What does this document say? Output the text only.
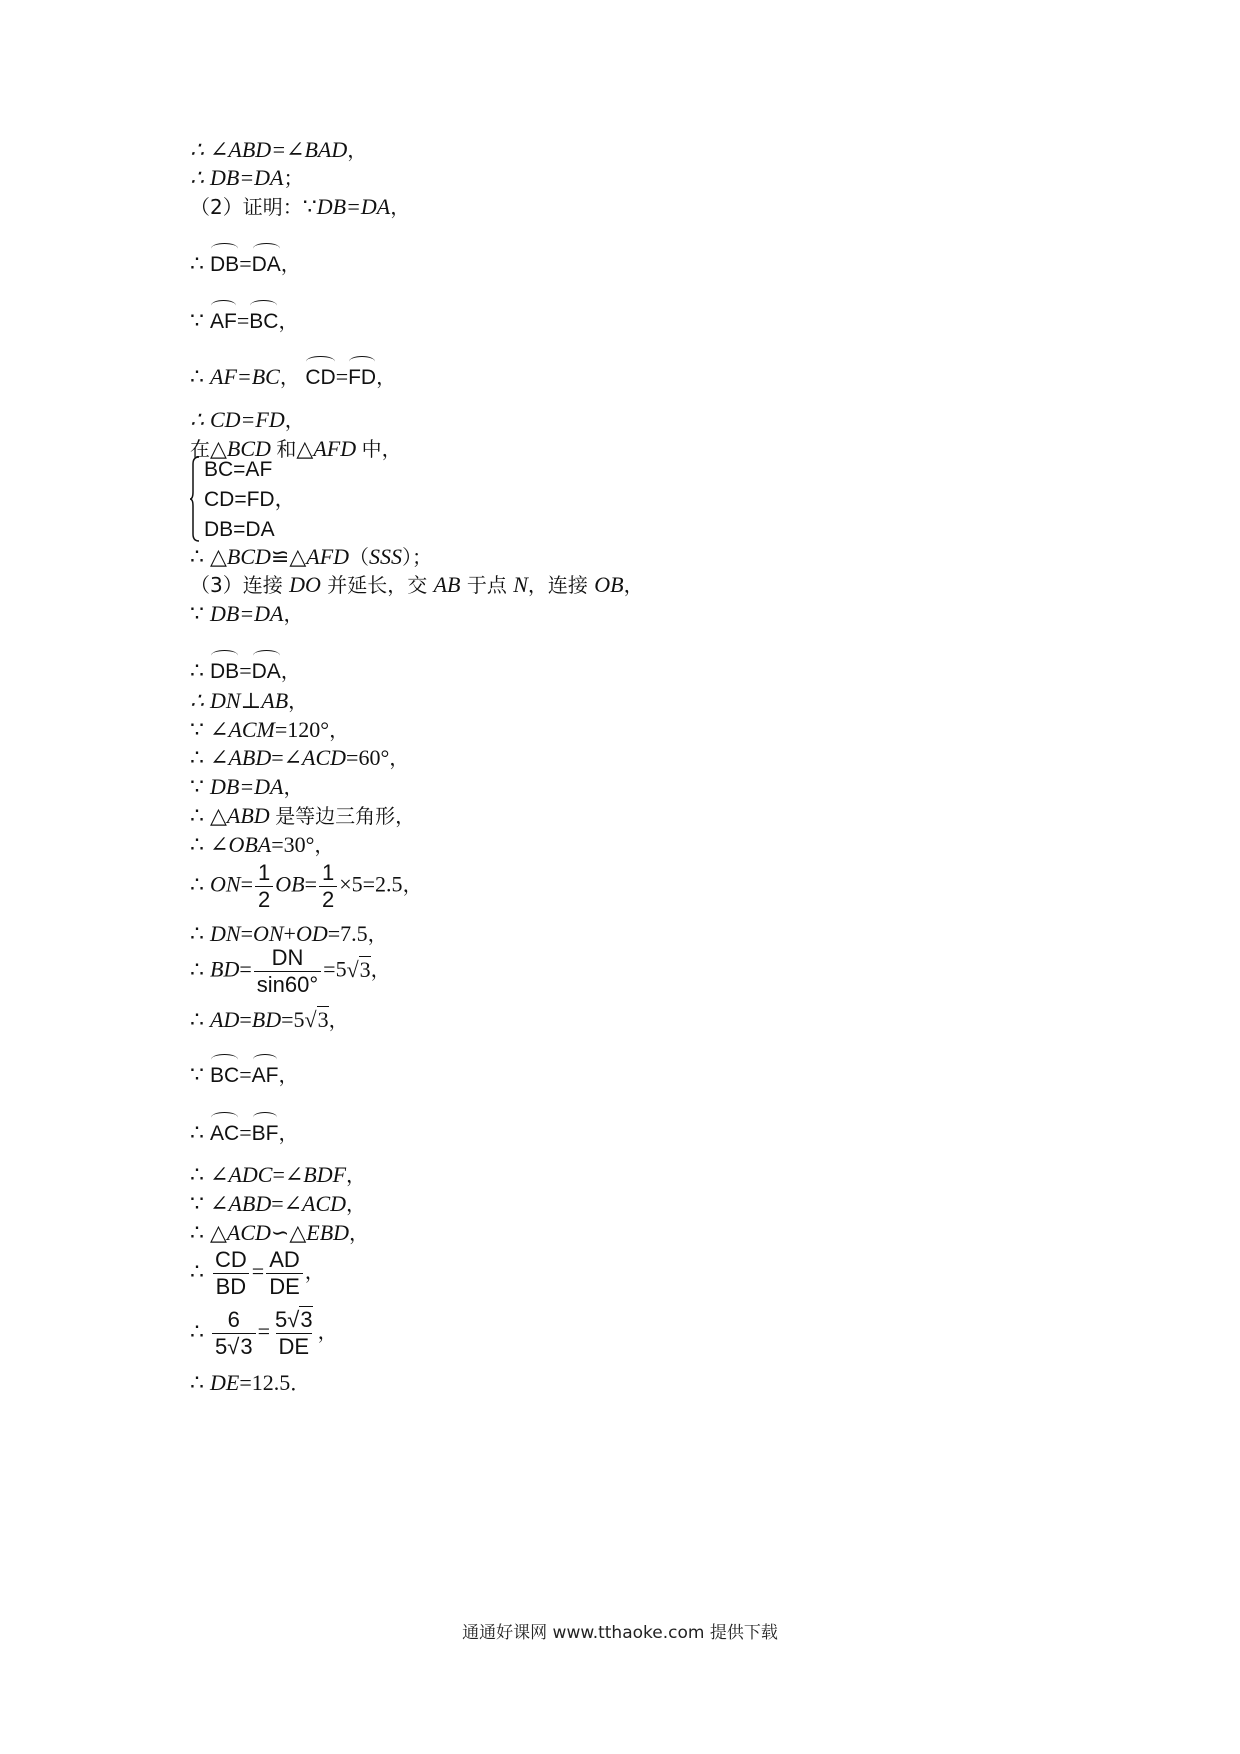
∴ ∠ABD=∠BAD，
∴ DB=DA；
（2）证明：∵DB=DA，
∴ DB=DA，
∵ AF=BC，
∴ AF=BC， CD=FD，
∴ CD=FD，
在△BCD 和△AFD 中，
BC=AF
CD=FD，
DB=DA
∴ △BCD≌△AFD（SSS）；
（3）连接 DO 并延长，交 AB 于点 N，连接 OB，
∵ DB=DA，
∴ DB=DA，
∴ DN⊥AB，
∵ ∠ACM=120°，
∴ ∠ABD=∠ACD=60°，
∵ DB=DA，
∴ △ABD 是等边三角形，
∴ ∠OBA=30°，
∴ $ON= \frac{1}{2} OB= \frac{1}{2} \times 5=2.5$，
∴ DN=ON+OD=7.5，
∴ $BD= \frac{DN}{\sin 60^\circ} =5√3$，
∴ AD=BD=5√3，
∵ BC=AF，
∴ AC=BF，
∴ ∠ADC=∠BDF，
∵ ∠ABD=∠ACD，
∴ △ACD∽△EBD，
∴ $\frac{CD}{BD} = \frac{AD}{DE}$ ，
∴ $\frac{6}{5√3} = \frac{5√3}{DE}$ ，
∴ DE=12.5．
通通好课网 www.tthaoke.com 提供下载
